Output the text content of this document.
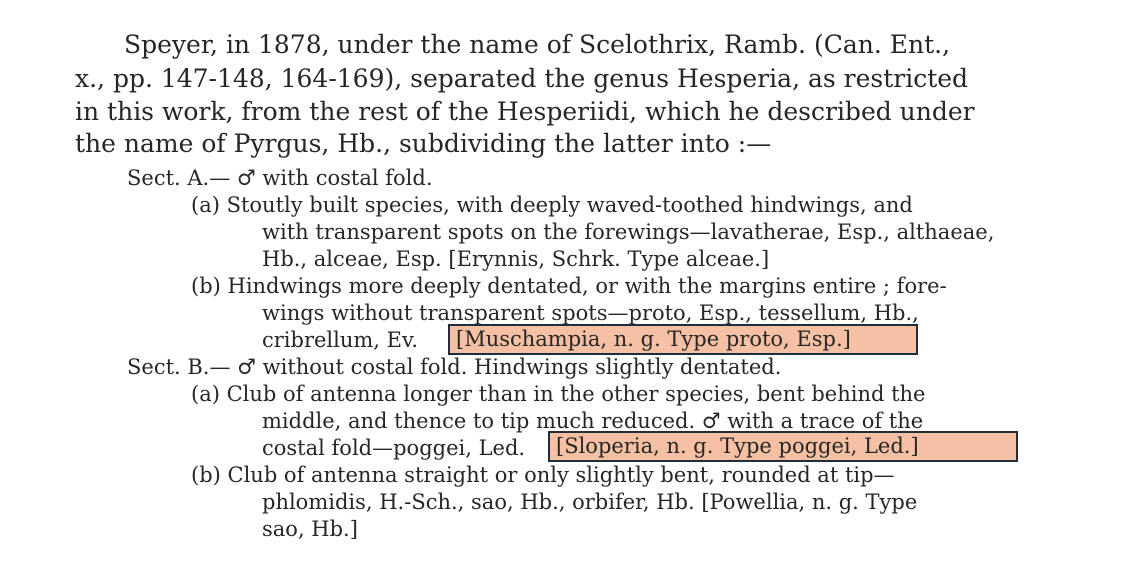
Speyer, in 1878, under the name of Scelothrix, Ramb. (Can. Ent.,
x., pp. 147-148, 164-169), separated the genus Hesperia, as restricted
in this work, from the rest of the Hesperiidi, which he described under
the name of Pyrgus, Hb., subdividing the latter into :—
Sect. A.— ♂ with costal fold.
(a) Stoutly built species, with deeply waved-toothed hindwings, and
with transparent spots on the forewings—lavatherae, Esp., althaeae,
Hb., alceae, Esp. [Erynnis, Schrk. Type alceae.]
(b) Hindwings more deeply dentated, or with the margins entire ; fore-
wings without transparent spots—proto, Esp., tessellum, Hb.,
cribrellum, Ev. [Muschampia, n. g. Type proto, Esp.]
Sect. B.— ♂ without costal fold. Hindwings slightly dentated.
(a) Club of antenna longer than in the other species, bent behind the
middle, and thence to tip much reduced. ♂ with a trace of the
costal fold—poggei, Led. [Sloperia, n. g. Type poggei, Led.]
(b) Club of antenna straight or only slightly bent, rounded at tip—
phlomidis, H.-Sch., sao, Hb., orbifer, Hb. [Powellia, n. g. Type
sao, Hb.]
